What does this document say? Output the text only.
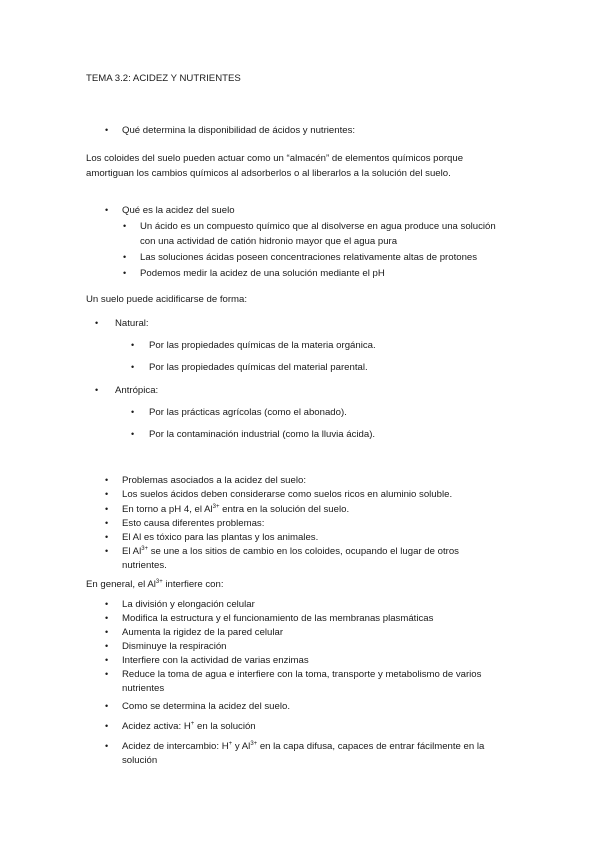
TEMA 3.2: ACIDEZ Y NUTRIENTES
• Qué determina la disponibilidad de ácidos y nutrientes:
Los coloides del suelo pueden actuar como un “almacén” de elementos químicos porque
amortiguan los cambios químicos al adsorberlos o al liberarlos a la solución del suelo.
• Qué es la acidez del suelo
• Un ácido es un compuesto químico que al disolverse en agua produce una solución
con una actividad de catión hidronio mayor que el agua pura
• Las soluciones ácidas poseen concentraciones relativamente altas de protones
• Podemos medir la acidez de una solución mediante el pH
Un suelo puede acidificarse de forma:
• Natural:
• Por las propiedades químicas de la materia orgánica.
• Por las propiedades químicas del material parental.
• Antrópica:
• Por las prácticas agrícolas (como el abonado).
• Por la contaminación industrial (como la lluvia ácida).
• Problemas asociados a la acidez del suelo:
• Los suelos ácidos deben considerarse como suelos ricos en aluminio soluble.
• En torno a pH 4, el $Al^{3+}$ entra en la solución del suelo.
• Esto causa diferentes problemas:
• El Al es tóxico para las plantas y los animales.
• El $Al^{3+}$ se une a los sitios de cambio en los coloides, ocupando el lugar de otros
nutrientes.
En general, el $Al^{3+}$ interfiere con:
• La división y elongación celular
• Modifica la estructura y el funcionamiento de las membranas plasmáticas
• Aumenta la rigidez de la pared celular
• Disminuye la respiración
• Interfiere con la actividad de varias enzimas
• Reduce la toma de agua e interfiere con la toma, transporte y metabolismo de varios
nutrientes
• Como se determina la acidez del suelo.
• Acidez activa: H+ en la solución
• Acidez de intercambio: H+ y $Al^{3+}$ en la capa difusa, capaces de entrar fácilmente en la
solución
